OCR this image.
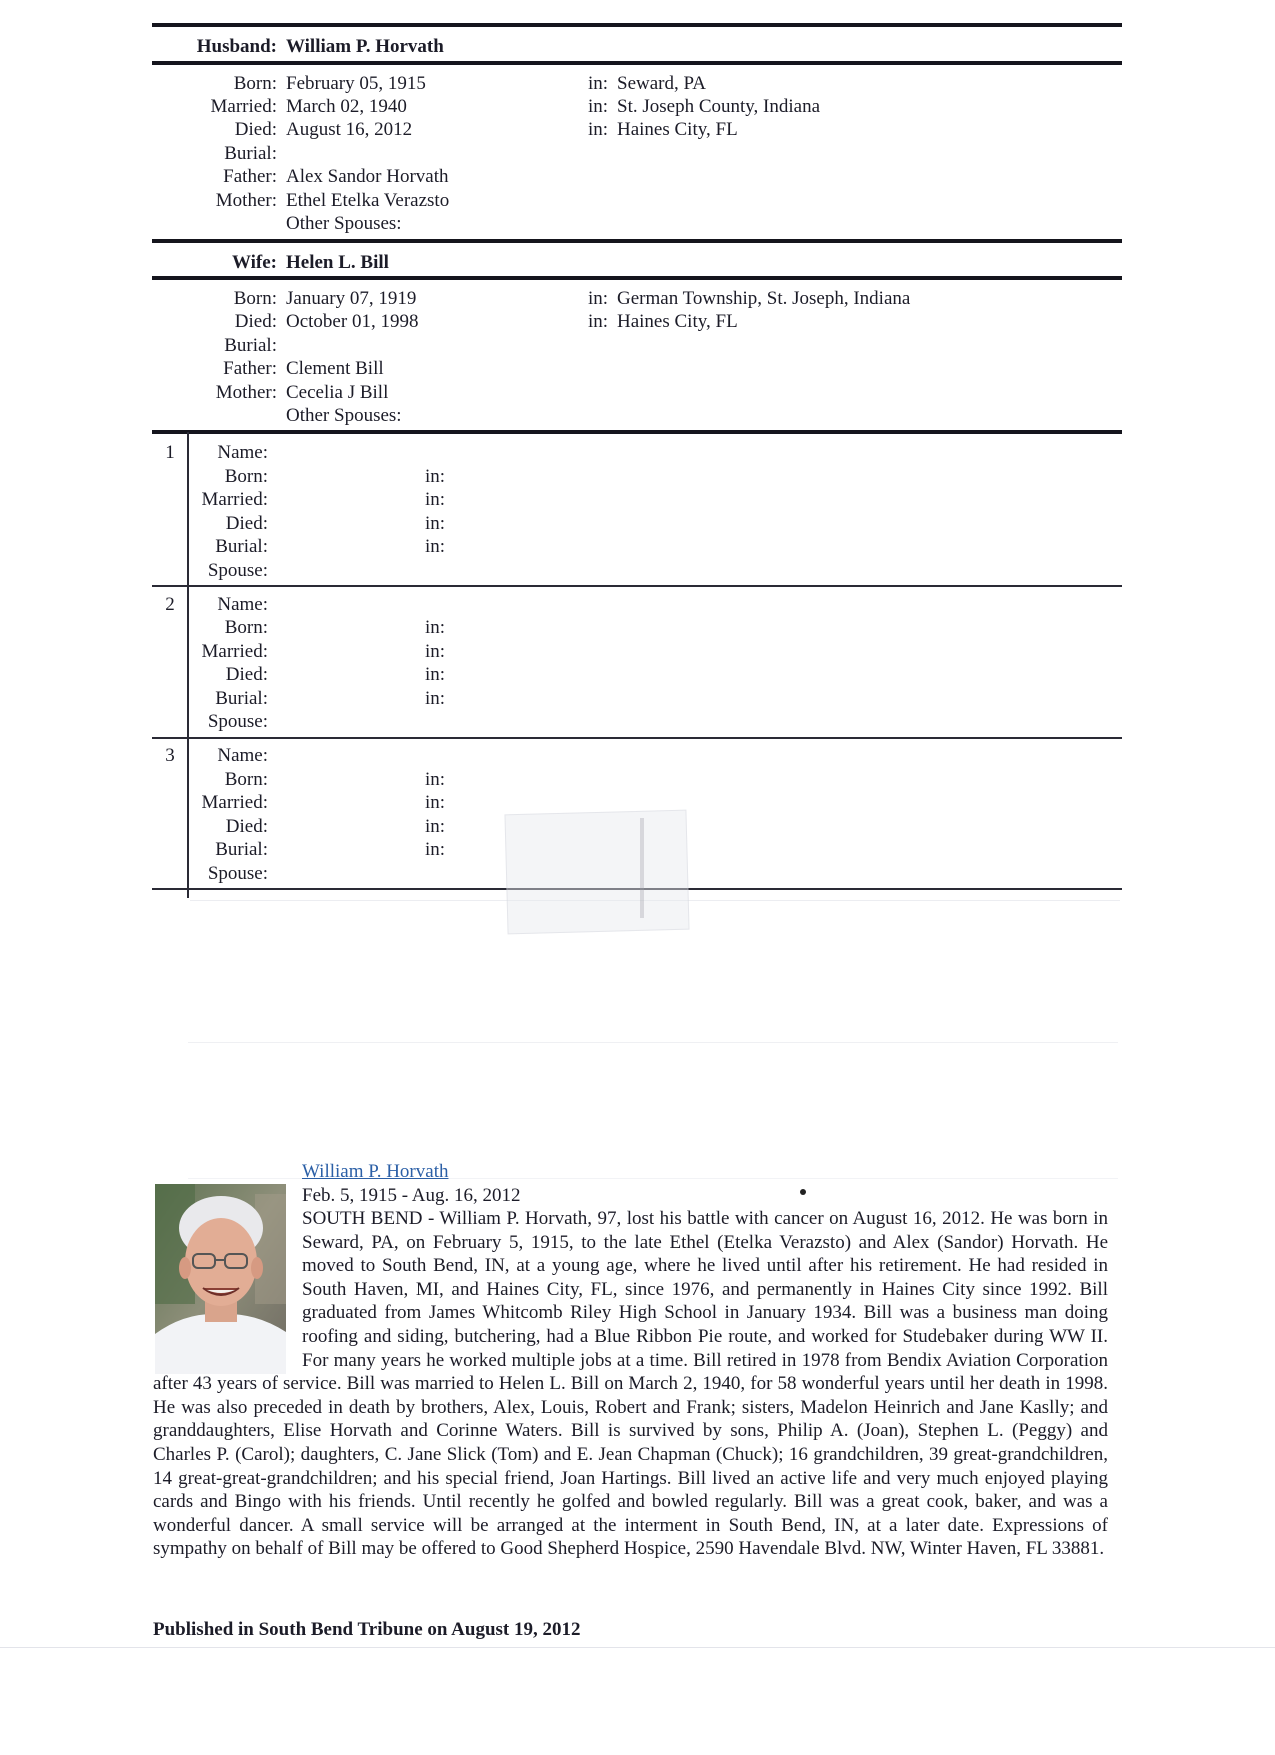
Husband: William P. Horvath
Born: February 05, 1915	in: Seward, PA
Married: March 02, 1940	in: St. Joseph County, Indiana
Died: August 16, 2012	in: Haines City, FL
Burial:
Father: Alex Sandor Horvath
Mother: Ethel Etelka Verazsto
Other Spouses:
Wife: Helen L. Bill
Born: January 07, 1919	in: German Township, St. Joseph, Indiana
Died: October 01, 1998	in: Haines City, FL
Burial:
Father: Clement Bill
Mother: Cecelia J Bill
Other Spouses:
1	Name:
Born:	in:
Married:	in:
Died:	in:
Burial:	in:
Spouse:
2	Name:
Born:	in:
Married:	in:
Died:	in:
Burial:	in:
Spouse:
3	Name:
Born:	in:
Married:	in:
Died:	in:
Burial:	in:
Spouse:
William P. Horvath
Feb. 5, 1915 - Aug. 16, 2012
SOUTH BEND - William P. Horvath, 97, lost his battle with cancer on August 16, 2012. He was born in Seward, PA, on February 5, 1915, to the late Ethel (Etelka Verazsto) and Alex (Sandor) Horvath. He moved to South Bend, IN, at a young age, where he lived until after his retirement. He had resided in South Haven, MI, and Haines City, FL, since 1976, and permanently in Haines City since 1992. Bill graduated from James Whitcomb Riley High School in January 1934. Bill was a business man doing roofing and siding, butchering, had a Blue Ribbon Pie route, and worked for Studebaker during WW II. For many years he worked multiple jobs at a time. Bill retired in 1978 from Bendix Aviation Corporation after 43 years of service. Bill was married to Helen L. Bill on March 2, 1940, for 58 wonderful years until her death in 1998. He was also preceded in death by brothers, Alex, Louis, Robert and Frank; sisters, Madelon Heinrich and Jane Kaslly; and granddaughters, Elise Horvath and Corinne Waters. Bill is survived by sons, Philip A. (Joan), Stephen L. (Peggy) and Charles P. (Carol); daughters, C. Jane Slick (Tom) and E. Jean Chapman (Chuck); 16 grandchildren, 39 great-grandchildren, 14 great-great-grandchildren; and his special friend, Joan Hartings. Bill lived an active life and very much enjoyed playing cards and Bingo with his friends. Until recently he golfed and bowled regularly. Bill was a great cook, baker, and was a wonderful dancer. A small service will be arranged at the interment in South Bend, IN, at a later date. Expressions of sympathy on behalf of Bill may be offered to Good Shepherd Hospice, 2590 Havendale Blvd. NW, Winter Haven, FL 33881.
Published in South Bend Tribune on August 19, 2012
